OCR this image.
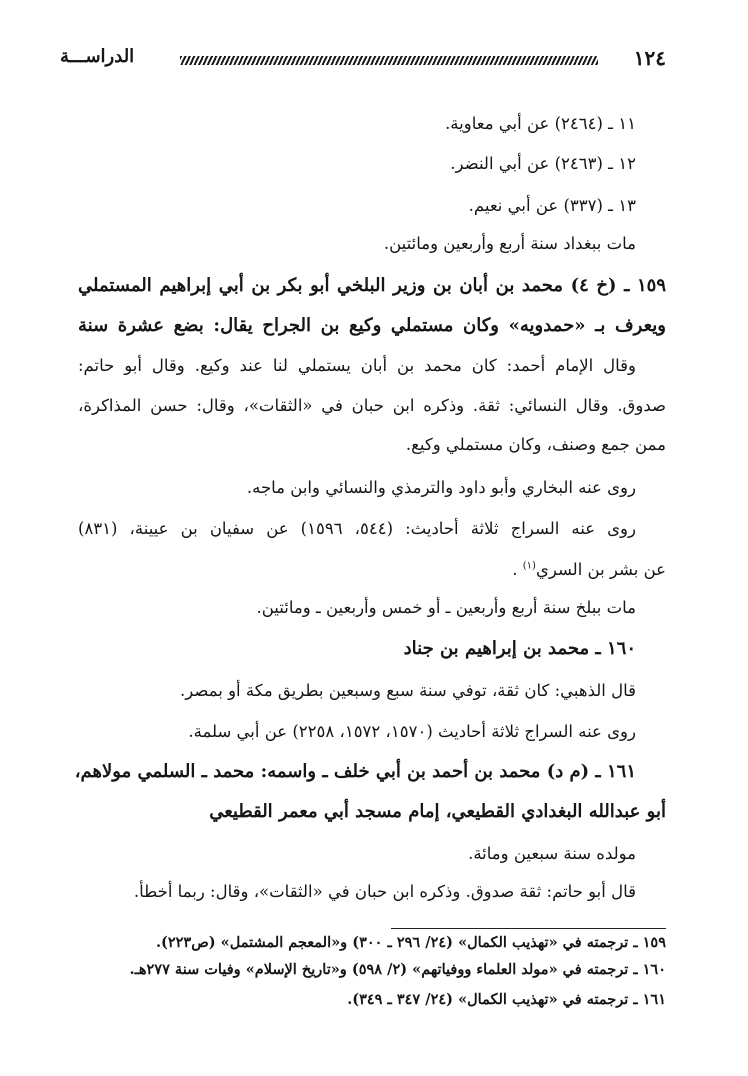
١٢٤
الدراســـة
١١ ـ (٢٤٦٤) عن أبي معاوية.
١٢ ـ (٢٤٦٣) عن أبي النضر.
١٣ ـ (٣٣٧) عن أبي نعيم.
مات ببغداد سنة أربع وأربعين ومائتين.
١٥٩ ـ (خ ٤) محمد بن أبان بن وزير البلخي أبو بكر بن أبي إبراهيم المستملي
ويعرف بـ «حمدويه» وكان مستملي وكيع بن الجراح يقال: بضع عشرة سنة
وقال الإمام أحمد: كان محمد بن أبان يستملي لنا عند وكيع. وقال أبو حاتم:
صدوق. وقال النسائي: ثقة. وذكره ابن حبان في «الثقات»، وقال: حسن المذاكرة،
ممن جمع وصنف، وكان مستملي وكيع.
روى عنه البخاري وأبو داود والترمذي والنسائي وابن ماجه.
روى عنه السراج ثلاثة أحاديث: (٥٤٤، ١٥٩٦) عن سفيان بن عيينة، (٨٣١)
عن بشر بن السري$^{(١)}$ .
مات ببلخ سنة أربع وأربعين ـ أو خمس وأربعين ـ ومائتين.
١٦٠ ـ محمد بن إبراهيم بن جناد
قال الذهبي: كان ثقة، توفي سنة سبع وسبعين بطريق مكة أو بمصر.
روى عنه السراج ثلاثة أحاديث (١٥٧٠، ١٥٧٢، ٢٢٥٨) عن أبي سلمة.
١٦١ ـ (م د) محمد بن أحمد بن أبي خلف ـ واسمه: محمد ـ السلمي مولاهم،
أبو عبدالله البغدادي القطيعي، إمام مسجد أبي معمر القطيعي
مولده سنة سبعين ومائة.
قال أبو حاتم: ثقة صدوق. وذكره ابن حبان في «الثقات»، وقال: ربما أخطأ.
١٥٩ ـ ترجمته في «تهذيب الكمال» (٢٤/ ٢٩٦ ـ ٣٠٠) و«المعجم المشتمل» (ص٢٢٣).
١٦٠ ـ ترجمته في «مولد العلماء ووفياتهم» (٢/ ٥٩٨) و«تاريخ الإسلام» وفيات سنة ٢٧٧هـ.
١٦١ ـ ترجمته في «تهذيب الكمال» (٢٤/ ٣٤٧ ـ ٣٤٩).
